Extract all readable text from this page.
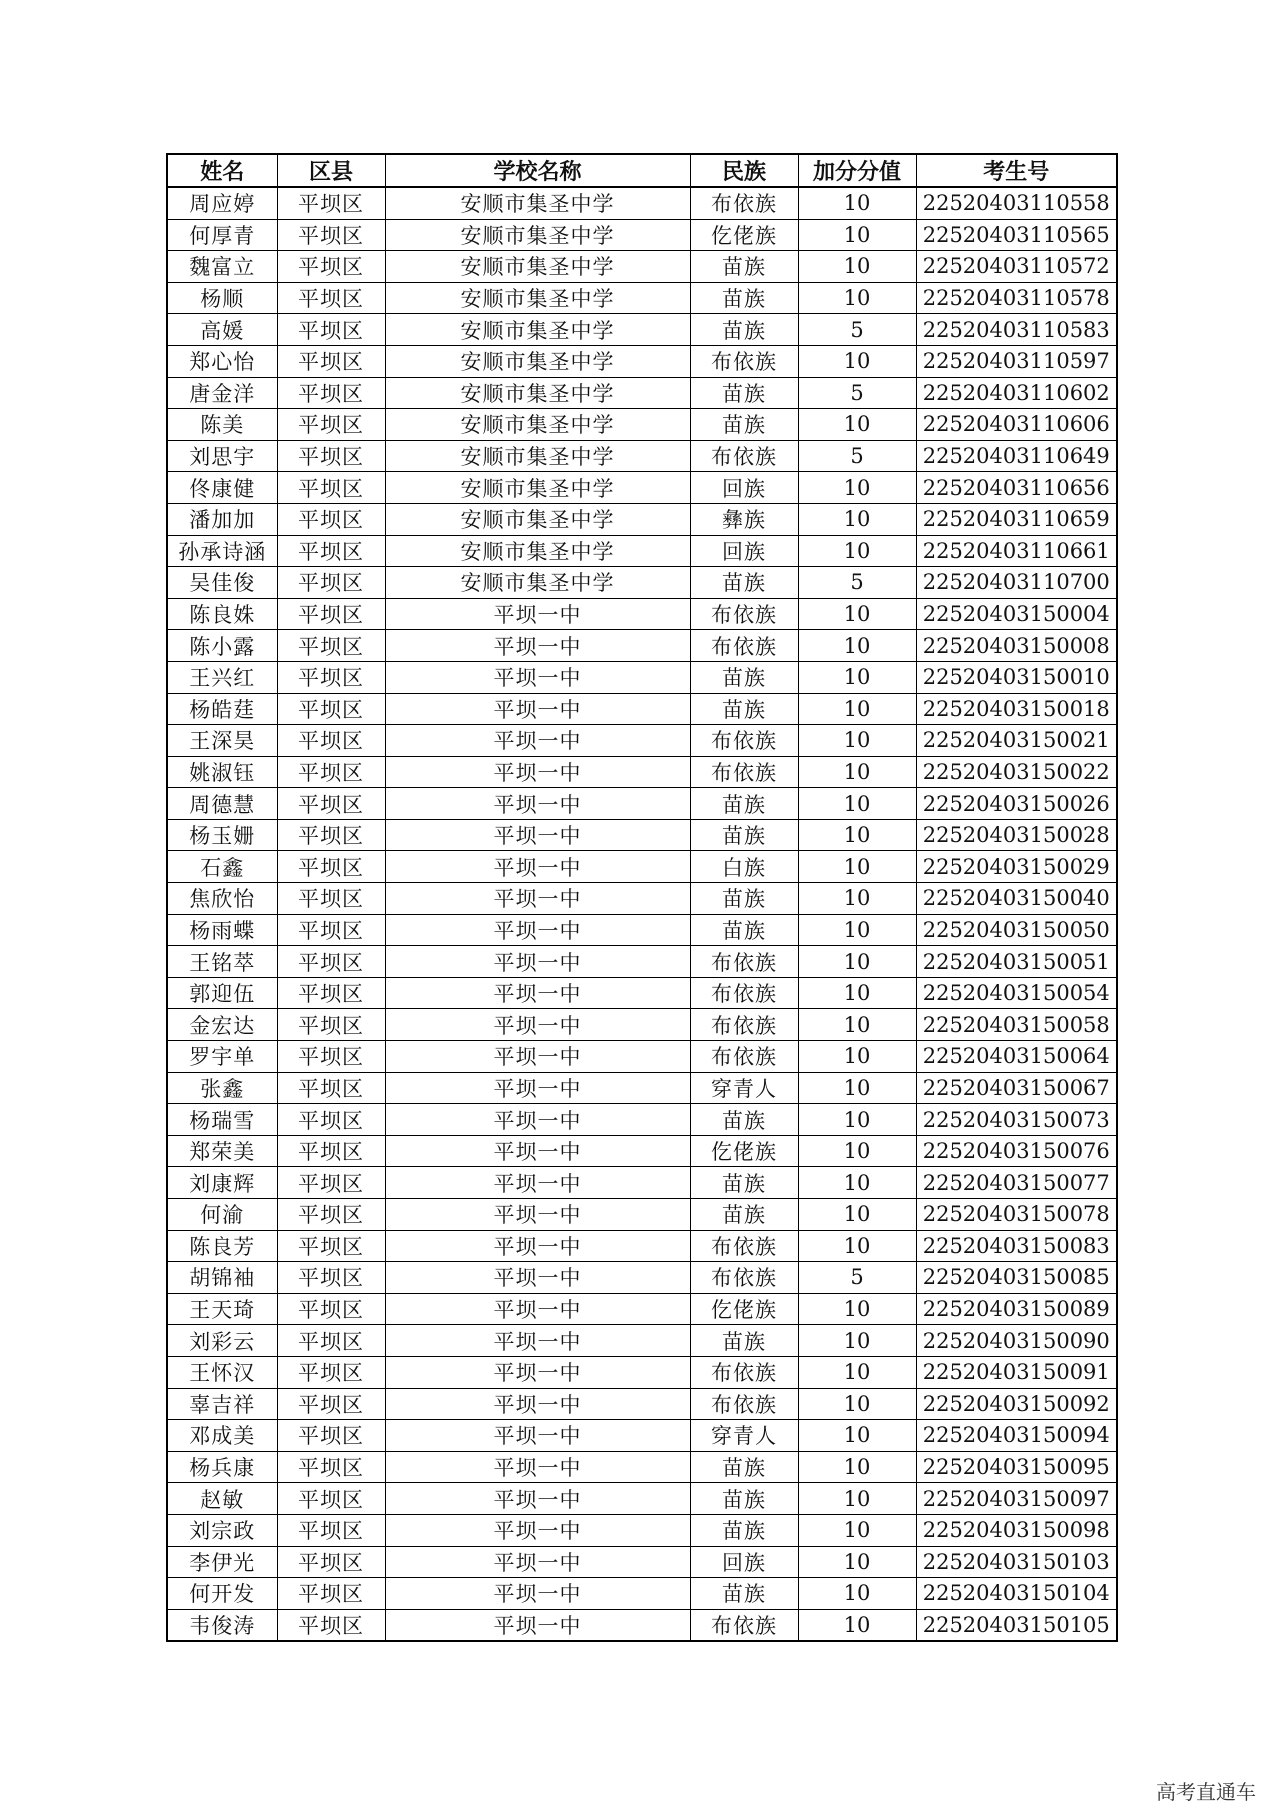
姓名	区县	学校名称	民族	加分分值	考生号
周应婷	平坝区	安顺市集圣中学	布依族	10	22520403110558
何厚青	平坝区	安顺市集圣中学	仡佬族	10	22520403110565
魏富立	平坝区	安顺市集圣中学	苗族	10	22520403110572
杨顺	平坝区	安顺市集圣中学	苗族	10	22520403110578
高媛	平坝区	安顺市集圣中学	苗族	5	22520403110583
郑心怡	平坝区	安顺市集圣中学	布依族	10	22520403110597
唐金洋	平坝区	安顺市集圣中学	苗族	5	22520403110602
陈美	平坝区	安顺市集圣中学	苗族	10	22520403110606
刘思宇	平坝区	安顺市集圣中学	布依族	5	22520403110649
佟康健	平坝区	安顺市集圣中学	回族	10	22520403110656
潘加加	平坝区	安顺市集圣中学	彝族	10	22520403110659
孙承诗涵	平坝区	安顺市集圣中学	回族	10	22520403110661
吴佳俊	平坝区	安顺市集圣中学	苗族	5	22520403110700
陈良姝	平坝区	平坝一中	布依族	10	22520403150004
陈小露	平坝区	平坝一中	布依族	10	22520403150008
王兴红	平坝区	平坝一中	苗族	10	22520403150010
杨皓莛	平坝区	平坝一中	苗族	10	22520403150018
王深昊	平坝区	平坝一中	布依族	10	22520403150021
姚淑钰	平坝区	平坝一中	布依族	10	22520403150022
周德慧	平坝区	平坝一中	苗族	10	22520403150026
杨玉姗	平坝区	平坝一中	苗族	10	22520403150028
石鑫	平坝区	平坝一中	白族	10	22520403150029
焦欣怡	平坝区	平坝一中	苗族	10	22520403150040
杨雨蝶	平坝区	平坝一中	苗族	10	22520403150050
王铭萃	平坝区	平坝一中	布依族	10	22520403150051
郭迎伍	平坝区	平坝一中	布依族	10	22520403150054
金宏达	平坝区	平坝一中	布依族	10	22520403150058
罗宇单	平坝区	平坝一中	布依族	10	22520403150064
张鑫	平坝区	平坝一中	穿青人	10	22520403150067
杨瑞雪	平坝区	平坝一中	苗族	10	22520403150073
郑荣美	平坝区	平坝一中	仡佬族	10	22520403150076
刘康辉	平坝区	平坝一中	苗族	10	22520403150077
何渝	平坝区	平坝一中	苗族	10	22520403150078
陈良芳	平坝区	平坝一中	布依族	10	22520403150083
胡锦袖	平坝区	平坝一中	布依族	5	22520403150085
王天琦	平坝区	平坝一中	仡佬族	10	22520403150089
刘彩云	平坝区	平坝一中	苗族	10	22520403150090
王怀汉	平坝区	平坝一中	布依族	10	22520403150091
辜吉祥	平坝区	平坝一中	布依族	10	22520403150092
邓成美	平坝区	平坝一中	穿青人	10	22520403150094
杨兵康	平坝区	平坝一中	苗族	10	22520403150095
赵敏	平坝区	平坝一中	苗族	10	22520403150097
刘宗政	平坝区	平坝一中	苗族	10	22520403150098
李伊光	平坝区	平坝一中	回族	10	22520403150103
何开发	平坝区	平坝一中	苗族	10	22520403150104
韦俊涛	平坝区	平坝一中	布依族	10	22520403150105
高考直通车
